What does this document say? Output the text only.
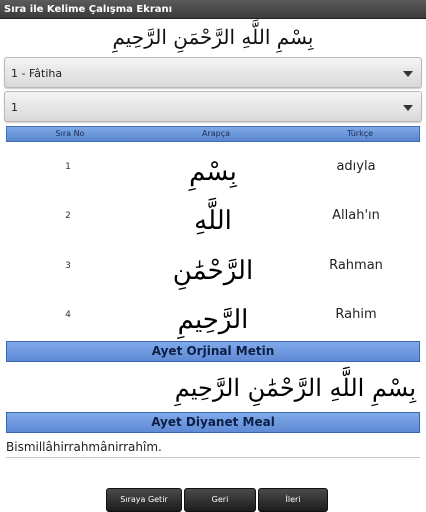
Sıra ile Kelime Çalışma Ekranı
بِسْمِ اللَّهِ الرَّحْمَنِ الرَّحِيمِ
1 - Fâtiha
1
Sıra No	Arapça	Türkçe
1	بِسْمِ	adıyla
2	اللَّهِ	Allah'ın
3	الرَّحْمَٰنِ	Rahman
4	الرَّحِيمِ	Rahim
Ayet Orjinal Metin
بِسْمِ اللَّهِ الرَّحْمَٰنِ الرَّحِيمِ
Ayet Diyanet Meal
Bismillâhirrahmânirrahîm.
Sıraya Getir	Geri	İleri
